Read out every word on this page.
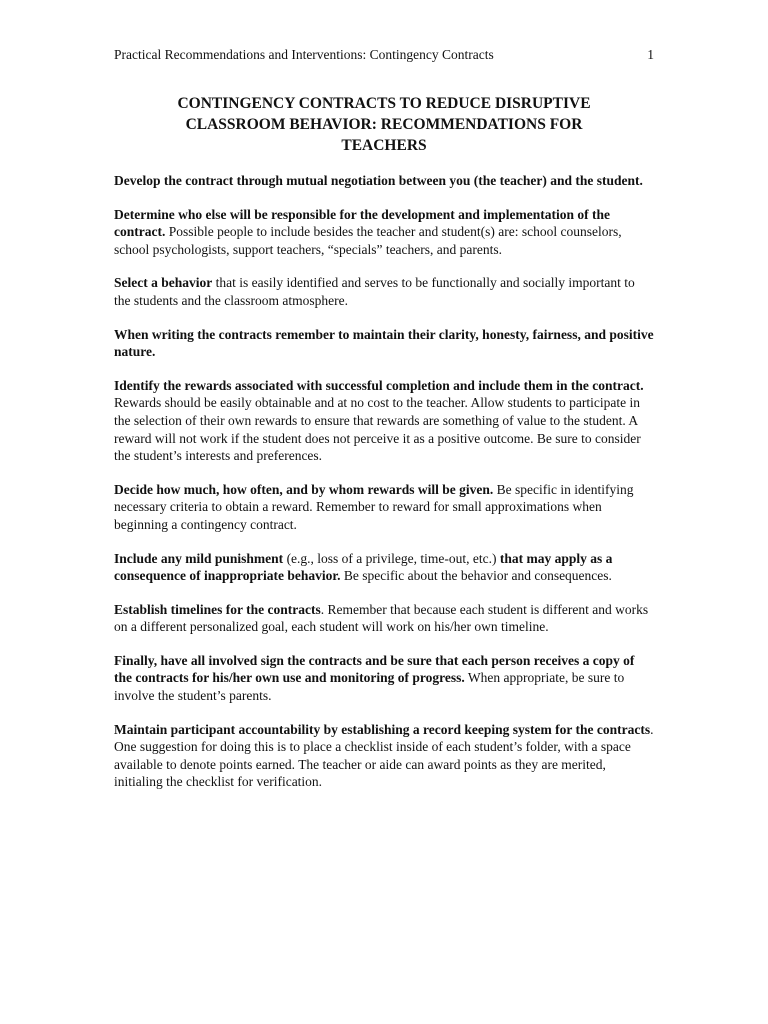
Practical Recommendations and Interventions: Contingency Contracts	1
CONTINGENCY CONTRACTS TO REDUCE DISRUPTIVE
CLASSROOM BEHAVIOR: RECOMMENDATIONS FOR
TEACHERS

Develop the contract through mutual negotiation between you (the teacher) and the student.

Determine who else will be responsible for the development and implementation of the contract. Possible people to include besides the teacher and student(s) are: school counselors, school psychologists, support teachers, “specials” teachers, and parents.

Select a behavior that is easily identified and serves to be functionally and socially important to the students and the classroom atmosphere.

When writing the contracts remember to maintain their clarity, honesty, fairness, and positive nature.

Identify the rewards associated with successful completion and include them in the contract. Rewards should be easily obtainable and at no cost to the teacher. Allow students to participate in the selection of their own rewards to ensure that rewards are something of value to the student. A reward will not work if the student does not perceive it as a positive outcome. Be sure to consider the student’s interests and preferences.

Decide how much, how often, and by whom rewards will be given. Be specific in identifying necessary criteria to obtain a reward. Remember to reward for small approximations when beginning a contingency contract.

Include any mild punishment (e.g., loss of a privilege, time-out, etc.) that may apply as a consequence of inappropriate behavior. Be specific about the behavior and consequences.

Establish timelines for the contracts. Remember that because each student is different and works on a different personalized goal, each student will work on his/her own timeline.

Finally, have all involved sign the contracts and be sure that each person receives a copy of the contracts for his/her own use and monitoring of progress. When appropriate, be sure to involve the student’s parents.

Maintain participant accountability by establishing a record keeping system for the contracts. One suggestion for doing this is to place a checklist inside of each student’s folder, with a space available to denote points earned. The teacher or aide can award points as they are merited, initialing the checklist for verification.
